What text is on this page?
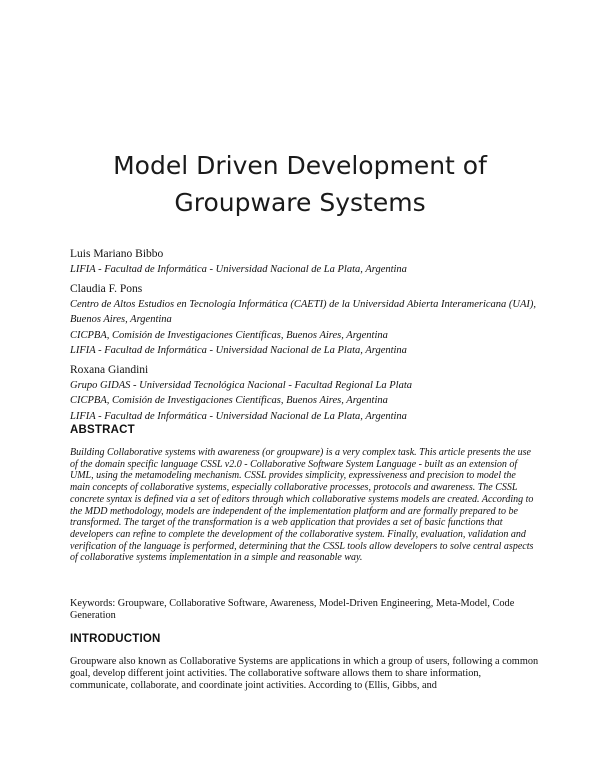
Model Driven Development of
Groupware Systems
Luis Mariano Bibbo
LIFIA - Facultad de Informática - Universidad Nacional de La Plata, Argentina
Claudia F. Pons
Centro de Altos Estudios en Tecnología Informática (CAETI) de la Universidad Abierta Interamericana (UAI), Buenos Aires, Argentina
CICPBA, Comisión de Investigaciones Científicas, Buenos Aires, Argentina
LIFIA - Facultad de Informática - Universidad Nacional de La Plata, Argentina
Roxana Giandini
Grupo GIDAS - Universidad Tecnológica Nacional - Facultad Regional La Plata
CICPBA, Comisión de Investigaciones Científicas, Buenos Aires, Argentina
LIFIA - Facultad de Informática - Universidad Nacional de La Plata, Argentina
ABSTRACT
Building Collaborative systems with awareness (or groupware) is a very complex task. This article presents the use of the domain specific language CSSL v2.0 - Collaborative Software System Language - built as an extension of UML, using the metamodeling mechanism. CSSL provides simplicity, expressiveness and precision to model the main concepts of collaborative systems, especially collaborative processes, protocols and awareness. The CSSL concrete syntax is defined via a set of editors through which collaborative systems models are created. According to the MDD methodology, models are independent of the implementation platform and are formally prepared to be transformed. The target of the transformation is a web application that provides a set of basic functions that developers can refine to complete the development of the collaborative system. Finally, evaluation, validation and verification of the language is performed, determining that the CSSL tools allow developers to solve central aspects of collaborative systems implementation in a simple and reasonable way.
Keywords: Groupware, Collaborative Software, Awareness, Model-Driven Engineering, Meta-Model, Code Generation
INTRODUCTION
Groupware also known as Collaborative Systems are applications in which a group of users, following a common goal, develop different joint activities. The collaborative software allows them to share information, communicate, collaborate, and coordinate joint activities. According to (Ellis, Gibbs, and
